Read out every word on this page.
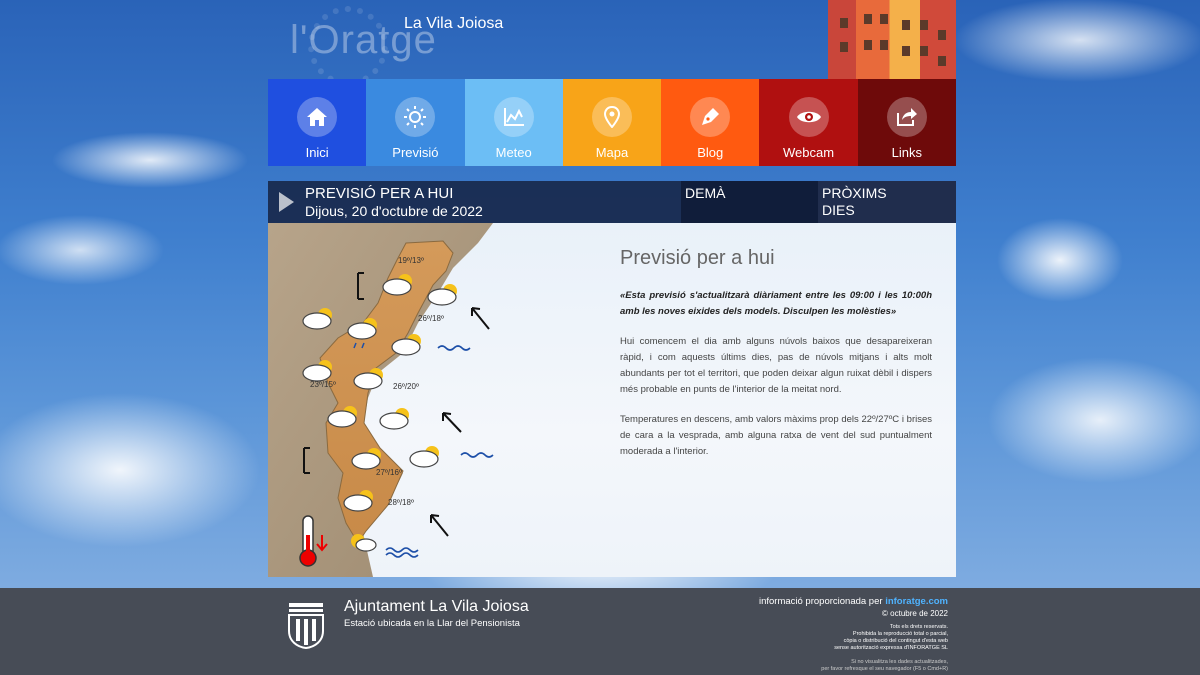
l'Oratge
La Vila Joiosa
Inici	Previsió	Meteo	Mapa	Blog	Webcam	Links
PREVISIÓ PER A HUI
Dijous, 20 d'octubre de 2022
DEMÀ	PRÒXIMS
DIES
19º/13º
26º/18º
23º/15º	26º/20º
27º/16º
28º/18º
Previsió per a hui

«Esta previsió s'actualitzarà diàriament entre les 09:00 i les 10:00h amb les noves eixides dels models. Disculpen les molèsties»

Hui comencem el dia amb alguns núvols baixos que desapareixeran ràpid, i com aquests últims dies, pas de núvols mitjans i alts molt abundants per tot el territori, que poden deixar algun ruixat dèbil i dispers més probable en punts de l'interior de la meitat nord.

Temperatures en descens, amb valors màxims prop dels 22º/27ºC i brises de cara a la vesprada, amb alguna ratxa de vent del sud puntualment moderada a l'interior.

Ajuntament La Vila Joiosa
Estació ubicada en la Llar del Pensionista
informació proporcionada per inforatge.com
© octubre de 2022
Tots els drets reservats.
Prohibida la reproducció total o parcial,
còpia o distribució del contingut d'esta web
sense autorització expressa d'INFORATGE SL
Si no visualitza les dades actualitzades,
per favor refresque el seu navegador (F5 o Cmd+R)
